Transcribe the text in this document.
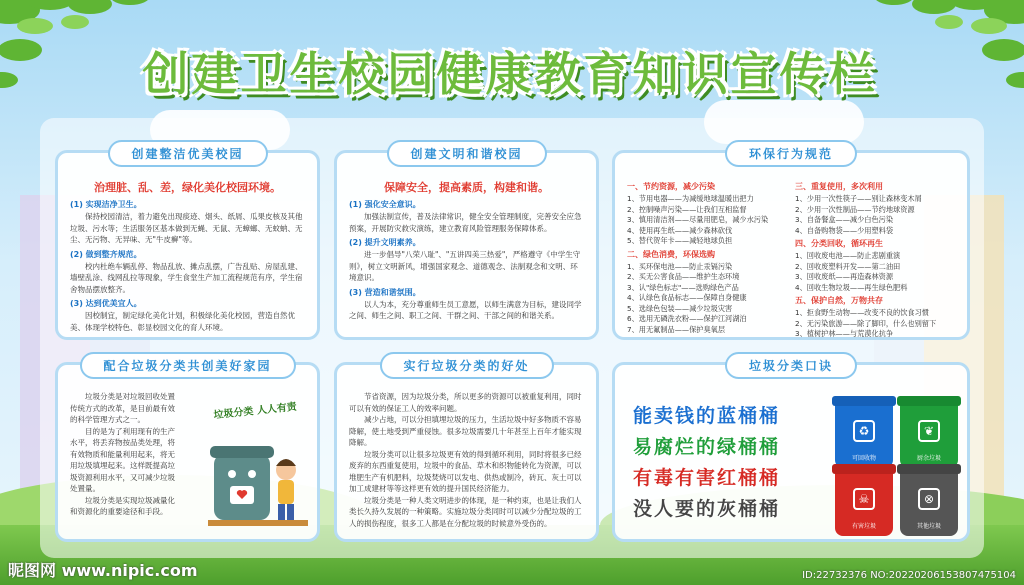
创建卫生校园健康教育知识宣传栏
创建整洁优美校园
治理脏、乱、差，绿化美化校园环境。
(1) 实现洁净卫生。
保持校园清洁，着力避免出现痰迹、烟头、纸屑、瓜果皮核及其他垃圾、污水等；生活服务区基本做到无蝇、无鼠、无蟑螂、无蚊蚋、无尘、无污物、无异味、无"牛皮癣"等。
(2) 做到整齐规范。
校内杜绝车辆乱停、物品乱放、摊点乱摆，广告乱贴、房屋乱建、墙壁乱涂、线网乱拉等现象，学生食堂生产加工流程规范有序，学生宿舍物品摆放整齐。
(3) 达到优美宜人。
因校制宜，制定绿化美化计划，积极绿化美化校园，营造自然优美、体现学校特色、彰显校园文化的育人环境。
创建文明和谐校园
保障安全，提高素质，构建和谐。
(1) 强化安全意识。
加强法制宣传，普及法律常识，健全安全管理制度，完善安全应急预案，开展防灾救灾演练，建立教育风险管理服务保障体系。
(2) 提升文明素养。
进一步倡导"八荣八耻"、"五讲四美三热爱"，严格遵守《中学生守则》，树立文明新风，增强国家观念、道德观念、法制观念和文明、环境意识。
(3) 营造和谐氛围。
以人为本，充分尊重师生员工意愿，以师生满意为目标，建设同学之间、师生之间、职工之间、干群之间、干部之间的和谐关系。
环保行为规范
一、节约资源，减少污染
1、节用电器——为减缓地球温暖出把力
2、控制噪声污染——让我们互相监督
3、慎用清洁剂——尽量用肥皂，减少水污染
4、使用再生纸——减少森林砍伐
5、替代贺年卡——减轻地球负担
二、绿色消费，环保选购
1、买环保电池——防止汞镉污染
2、买无公害食品——维护生态环境
3、认"绿色标志"——选购绿色产品
4、认绿色食品标志——保障自身健康
5、选绿色包装——减少垃圾灾害
6、选用无磷洗衣粉——保护江河湖泊
7、用无氟制品——保护臭氧层
三、重复使用，多次利用
1、少用一次性筷子——别让森林变木屑
2、少用一次性制品——节约地球资源
3、自备餐盒——减少白色污染
4、自备购物袋——少用塑料袋
四、分类回收，循环再生
1、回收废电池——防止悲剧重演
2、回收废塑料开发——第二油田
3、回收废纸——再造森林资源
4、回收生物垃圾——再生绿色肥料
五、保护自然，万物共存
1、拒食野生动物——改变不良的饮食习惯
2、无污染旅游——除了脚印，什么也别留下
3、植树护林——与荒漠化抗争
配合垃圾分类共创美好家园
垃圾分类是对垃圾回收处置传统方式的改革，是目前最有效的科学管理方式之一。
目的是为了利用现有的生产水平，将丢弃物按品类处理，将有效物质和能量利用起来，将无用垃圾填埋起来。这样既提高垃圾资源利用水平，又可减少垃圾处置量。
垃圾分类是实现垃圾减量化和资源化的重要途径和手段。
垃圾分类 人人有责
实行垃圾分类的好处
节省资源，因为垃圾分类，所以更多的资源可以被重复利用，同时可以有效的保证工人的效率问题。
减少占地，可以分担填埋垃圾的压力，生活垃圾中好多物质不容易降解，使土地受到严重侵蚀。很多垃圾需要几十年甚至上百年才能实现降解。
垃圾分类可以让很多垃圾更有效的得到循环利用，同时将很多已经废弃的东西重复使用，垃圾中的食品、草木和织物能转化为资源，可以堆肥生产有机肥料，垃圾焚烧可以发电、供热或制冷，砖瓦、灰土可以加工成建材等等这样更有效的提升国民经济能力。
垃圾分类是一种人类文明进步的体现，是一种约束，也是让我们人类长久持久发展的一种策略。实施垃圾分类同时可以减少分配垃圾的工人的损伤程度，很多工人都是在分配垃圾的时候意外受伤的。
垃圾分类口诀
能卖钱的蓝桶桶
易腐烂的绿桶桶
有毒有害红桶桶
没人要的灰桶桶
♻
可回收物
❦
厨余垃圾
☠
有害垃圾
⊗
其他垃圾
昵图网 www.nipic.com	ID:22732376 NO:20220206153807475104
